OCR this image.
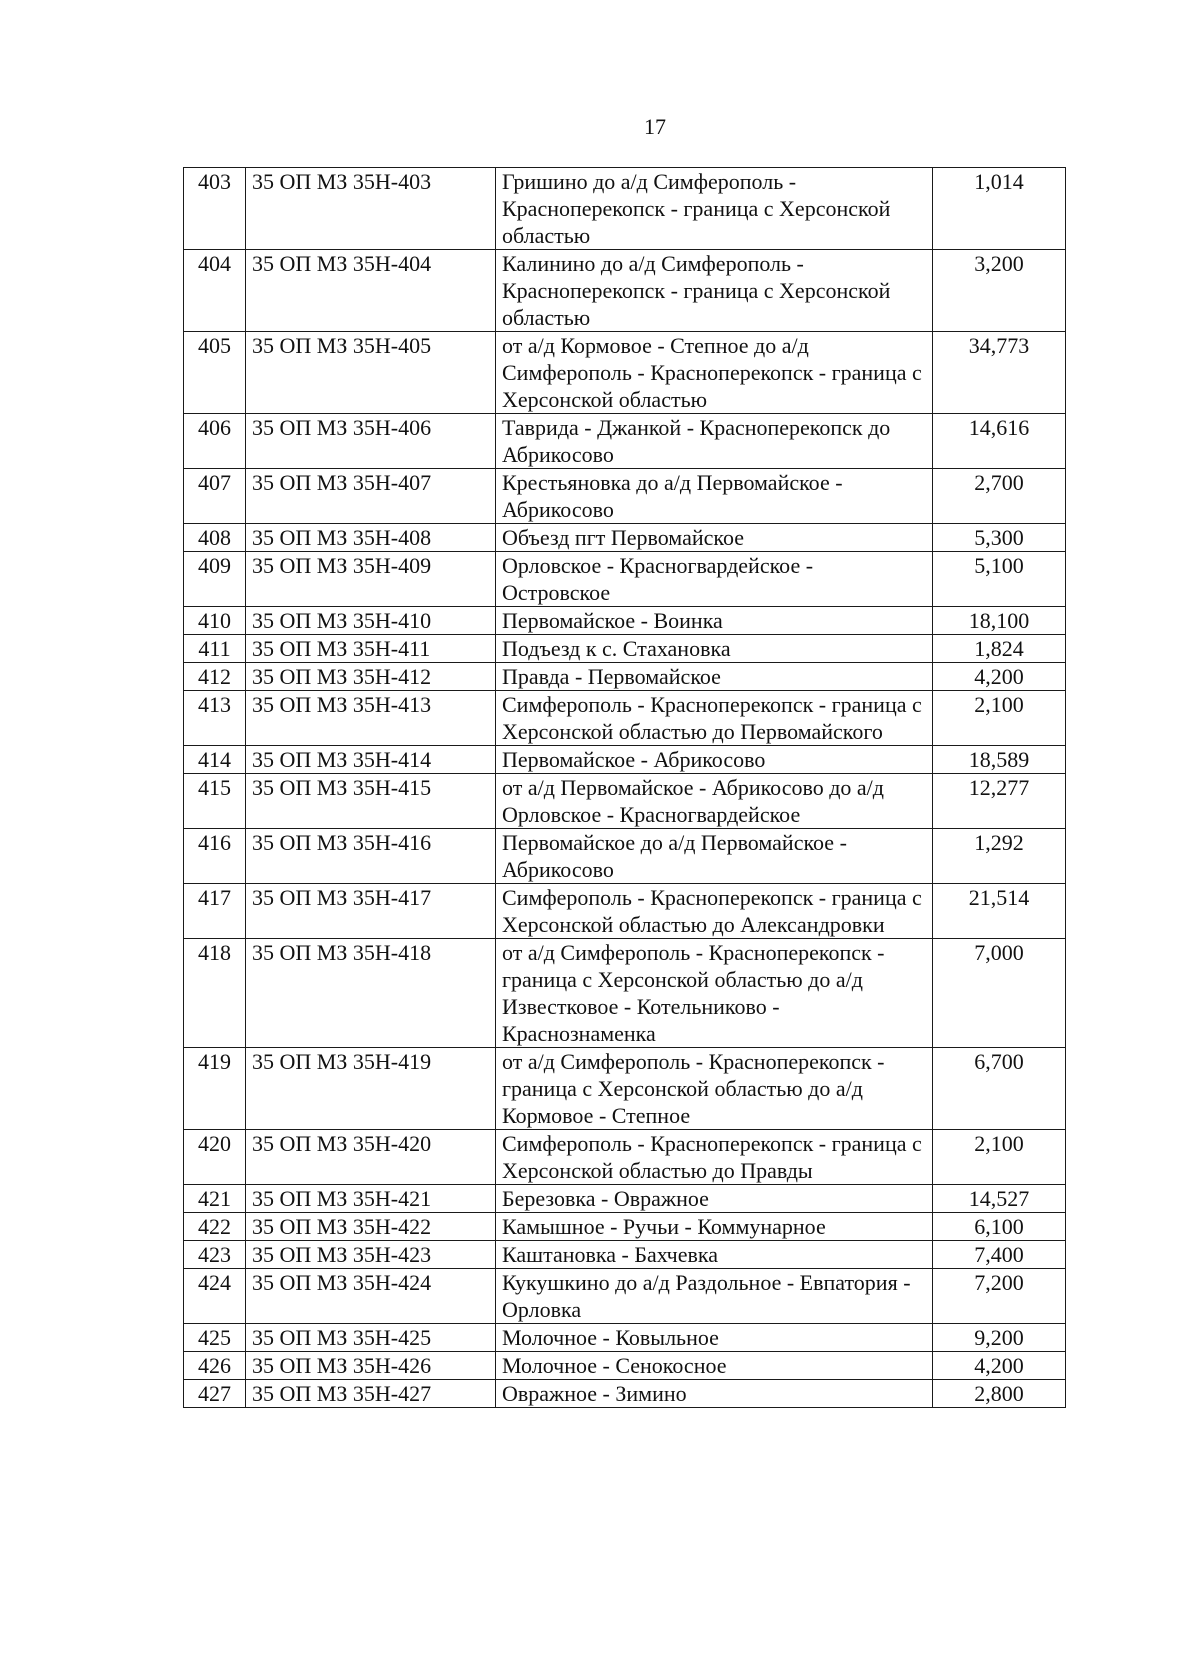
17
403	35 ОП МЗ 35Н-403	Гришино до а/д Симферополь - Красноперекопск - граница с Херсонской областью	1,014
404	35 ОП МЗ 35Н-404	Калинино до а/д Симферополь - Красноперекопск - граница с Херсонской областью	3,200
405	35 ОП МЗ 35Н-405	от а/д Кормовое - Степное до а/д Симферополь - Красноперекопск - граница с Херсонской областью	34,773
406	35 ОП МЗ 35Н-406	Таврида - Джанкой - Красноперекопск до Абрикосово	14,616
407	35 ОП МЗ 35Н-407	Крестьяновка до а/д Первомайское - Абрикосово	2,700
408	35 ОП МЗ 35Н-408	Объезд пгт Первомайское	5,300
409	35 ОП МЗ 35Н-409	Орловское - Красногвардейское - Островское	5,100
410	35 ОП МЗ 35Н-410	Первомайское - Воинка	18,100
411	35 ОП МЗ 35Н-411	Подъезд к с. Стахановка	1,824
412	35 ОП МЗ 35Н-412	Правда - Первомайское	4,200
413	35 ОП МЗ 35Н-413	Симферополь - Красноперекопск - граница с Херсонской областью до Первомайского	2,100
414	35 ОП МЗ 35Н-414	Первомайское - Абрикосово	18,589
415	35 ОП МЗ 35Н-415	от а/д Первомайское - Абрикосово до а/д Орловское - Красногвардейское	12,277
416	35 ОП МЗ 35Н-416	Первомайское до а/д Первомайское - Абрикосово	1,292
417	35 ОП МЗ 35Н-417	Симферополь - Красноперекопск - граница с Херсонской областью до Александровки	21,514
418	35 ОП МЗ 35Н-418	от а/д Симферополь - Красноперекопск - граница с Херсонской областью до а/д Известковое - Котельниково - Краснознаменка	7,000
419	35 ОП МЗ 35Н-419	от а/д Симферополь - Красноперекопск - граница с Херсонской областью до а/д Кормовое - Степное	6,700
420	35 ОП МЗ 35Н-420	Симферополь - Красноперекопск - граница с Херсонской областью до Правды	2,100
421	35 ОП МЗ 35Н-421	Березовка - Овражное	14,527
422	35 ОП МЗ 35Н-422	Камышное - Ручьи - Коммунарное	6,100
423	35 ОП МЗ 35Н-423	Каштановка - Бахчевка	7,400
424	35 ОП МЗ 35Н-424	Кукушкино до а/д Раздольное - Евпатория - Орловка	7,200
425	35 ОП МЗ 35Н-425	Молочное - Ковыльное	9,200
426	35 ОП МЗ 35Н-426	Молочное - Сенокосное	4,200
427	35 ОП МЗ 35Н-427	Овражное - Зимино	2,800
